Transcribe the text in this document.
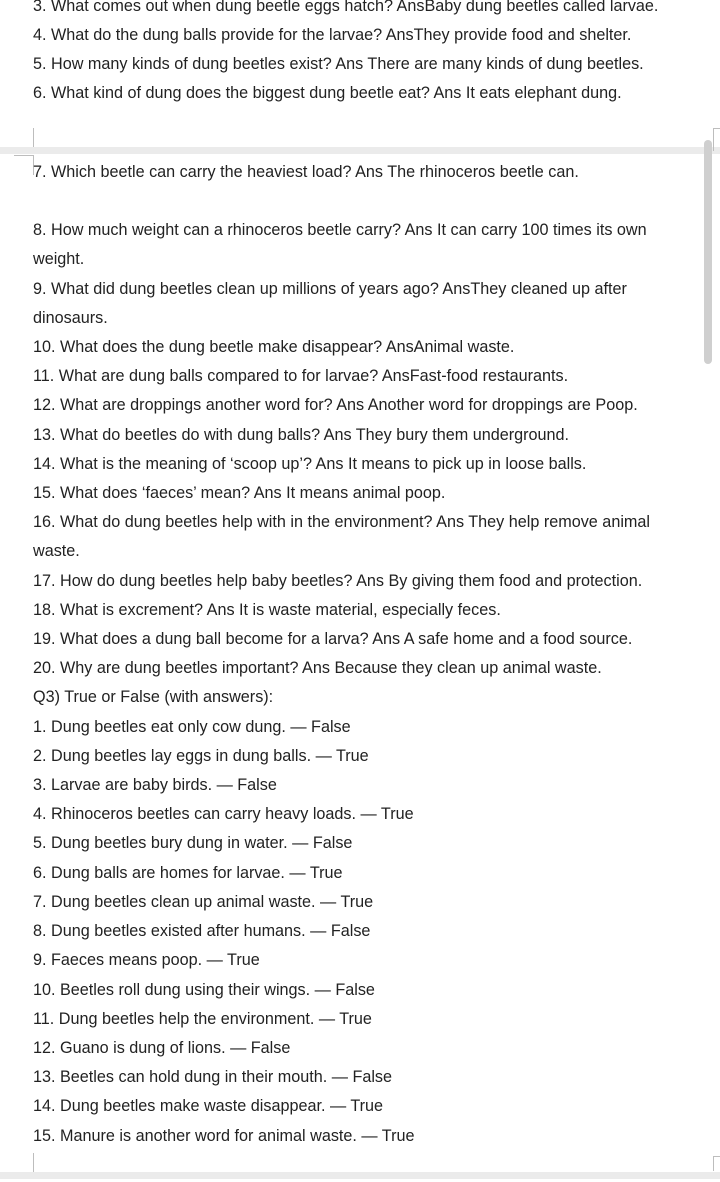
3. What comes out when dung beetle eggs hatch? AnsBaby dung beetles called larvae.
4. What do the dung balls provide for the larvae? AnsThey provide food and shelter.
5. How many kinds of dung beetles exist? Ans There are many kinds of dung beetles.
6. What kind of dung does the biggest dung beetle eat? Ans It eats elephant dung.
7. Which beetle can carry the heaviest load? Ans The rhinoceros beetle can.
8. How much weight can a rhinoceros beetle carry? Ans It can carry 100 times its own
weight.
9. What did dung beetles clean up millions of years ago? AnsThey cleaned up after
dinosaurs.
10. What does the dung beetle make disappear? AnsAnimal waste.
11. What are dung balls compared to for larvae? AnsFast-food restaurants.
12. What are droppings another word for? Ans Another word for droppings are Poop.
13. What do beetles do with dung balls? Ans They bury them underground.
14. What is the meaning of ‘scoop up’? Ans It means to pick up in loose balls.
15. What does ‘faeces’ mean? Ans It means animal poop.
16. What do dung beetles help with in the environment? Ans They help remove animal
waste.
17. How do dung beetles help baby beetles? Ans By giving them food and protection.
18. What is excrement? Ans It is waste material, especially feces.
19. What does a dung ball become for a larva? Ans A safe home and a food source.
20. Why are dung beetles important? Ans Because they clean up animal waste.
Q3) True or False (with answers):
1. Dung beetles eat only cow dung. — False
2. Dung beetles lay eggs in dung balls. — True
3. Larvae are baby birds. — False
4. Rhinoceros beetles can carry heavy loads. — True
5. Dung beetles bury dung in water. — False
6. Dung balls are homes for larvae. — True
7. Dung beetles clean up animal waste. — True
8. Dung beetles existed after humans. — False
9. Faeces means poop. — True
10. Beetles roll dung using their wings. — False
11. Dung beetles help the environment. — True
12. Guano is dung of lions. — False
13. Beetles can hold dung in their mouth. — False
14. Dung beetles make waste disappear. — True
15. Manure is another word for animal waste. — True
